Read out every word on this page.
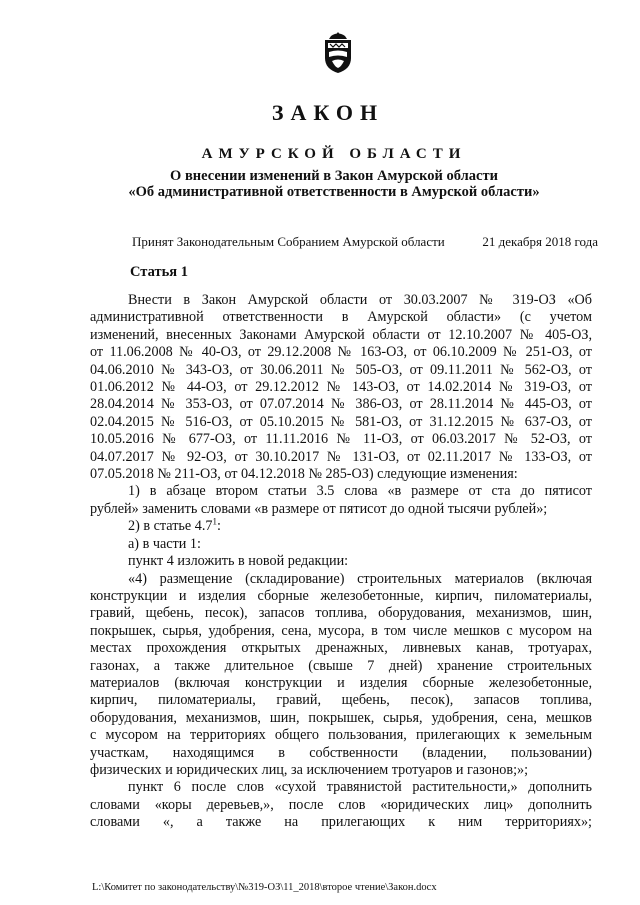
ЗАКОН
АМУРСКОЙ ОБЛАСТИ
О внесении изменений в Закон Амурской области
«Об административной ответственности в Амурской области»
Принят Законодательным Собранием Амурской области	21 декабря 2018 года
Статья 1

Внести в Закон Амурской области от 30.03.2007 № 319-ОЗ «Об

административной ответственности в Амурской области» (с учетом

изменений, внесенных Законами Амурской области от 12.10.2007 № 405-ОЗ,

от 11.06.2008 № 40-ОЗ, от 29.12.2008 № 163-ОЗ, от 06.10.2009 № 251-ОЗ, от

04.06.2010 № 343-ОЗ, от 30.06.2011 № 505-ОЗ, от 09.11.2011 № 562-ОЗ, от

01.06.2012 № 44-ОЗ, от 29.12.2012 № 143-ОЗ, от 14.02.2014 № 319-ОЗ, от

28.04.2014 № 353-ОЗ, от 07.07.2014 № 386-ОЗ, от 28.11.2014 № 445-ОЗ, от

02.04.2015 № 516-ОЗ, от 05.10.2015 № 581-ОЗ, от 31.12.2015 № 637-ОЗ, от

10.05.2016 № 677-ОЗ, от 11.11.2016 № 11-ОЗ, от 06.03.2017 № 52-ОЗ, от

04.07.2017 № 92-ОЗ, от 30.10.2017 № 131-ОЗ, от 02.11.2017 № 133-ОЗ, от

07.05.2018 № 211-ОЗ, от 04.12.2018 № 285-ОЗ) следующие изменения:

1) в абзаце втором статьи 3.5 слова «в размере от ста до пятисот

рублей» заменить словами «в размере от пятисот до одной тысячи рублей»;

2) в статье $4.7^1$:

а) в части 1:

пункт 4 изложить в новой редакции:

«4) размещение (складирование) строительных материалов (включая

конструкции и изделия сборные железобетонные, кирпич, пиломатериалы,

гравий, щебень, песок), запасов топлива, оборудования, механизмов, шин,

покрышек, сырья, удобрения, сена, мусора, в том числе мешков с мусором на

местах прохождения открытых дренажных, ливневых канав, тротуарах,

газонах, а также длительное (свыше 7 дней) хранение строительных

материалов (включая конструкции и изделия сборные железобетонные,

кирпич, пиломатериалы, гравий, щебень, песок), запасов топлива,

оборудования, механизмов, шин, покрышек, сырья, удобрения, сена, мешков

с мусором на территориях общего пользования, прилегающих к земельным

участкам, находящимся в собственности (владении, пользовании)

физических и юридических лиц, за исключением тротуаров и газонов;»;

пункт 6 после слов «сухой травянистой растительности,» дополнить

словами «коры деревьев,», после слов «юридических лиц» дополнить

словами «, а также на прилегающих к ним территориях»;

L:\Комитет по законодательству\№319-ОЗ\11_2018\второе чтение\Закон.docx
